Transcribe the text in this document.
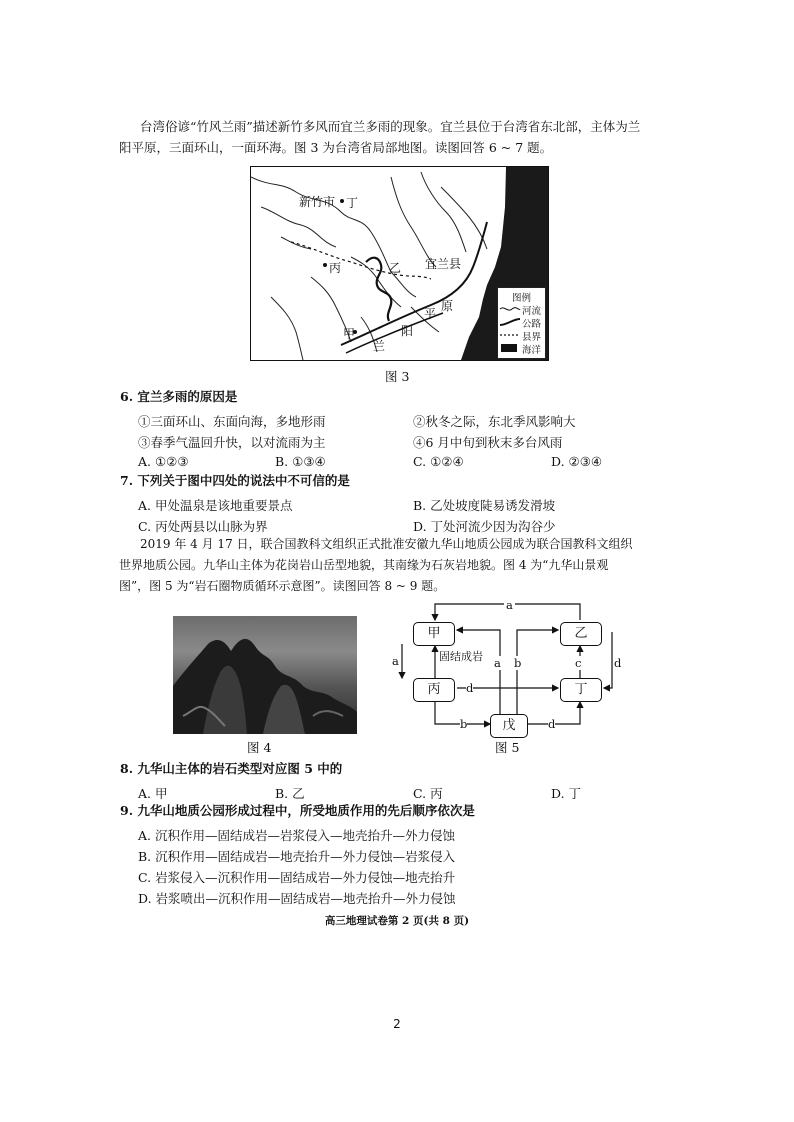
台湾俗谚“竹风兰雨”描述新竹多风而宜兰多雨的现象。宜兰县位于台湾省东北部，主体为兰
阳平原，三面环山，一面环海。图 3 为台湾省局部地图。读图回答 6 ~ 7 题。
新竹市 丁
丙	乙 宜兰县
甲
平
原
阳
兰
图例
河流
公路
县界
海洋
图 3
6. 宜兰多雨的原因是
①三面环山、东面向海，多地形雨	②秋冬之际，东北季风影响大
③春季气温回升快，以对流雨为主	④6 月中旬到秋末多台风雨
A. ①②③	B. ①③④	C. ①②④	D. ②③④
7. 下列关于图中四处的说法中不可信的是
A. 甲处温泉是该地重要景点	B. 乙处坡度陡易诱发滑坡
C. 丙处两县以山脉为界	D. 丁处河流少因为沟谷少
2019 年 4 月 17 日，联合国教科文组织正式批准安徽九华山地质公园成为联合国教科文组织
世界地质公园。九华山主体为花岗岩山岳型地貌，其南缘为石灰岩地貌。图 4 为“九华山景观
图”，图 5 为“岩石圈物质循环示意图”。读图回答 8 ~ 9 题。
图 4
甲	乙
丙	丁
戊
a
a	固结成岩 a b	c	d
d
b	d
图 5
8. 九华山主体的岩石类型对应图 5 中的
A. 甲	B. 乙	C. 丙	D. 丁
9. 九华山地质公园形成过程中，所受地质作用的先后顺序依次是
A. 沉积作用—固结成岩—岩浆侵入—地壳抬升—外力侵蚀
B. 沉积作用—固结成岩—地壳抬升—外力侵蚀—岩浆侵入
C. 岩浆侵入—沉积作用—固结成岩—外力侵蚀—地壳抬升
D. 岩浆喷出—沉积作用—固结成岩—地壳抬升—外力侵蚀
高三地理试卷第 2 页(共 8 页)
2
